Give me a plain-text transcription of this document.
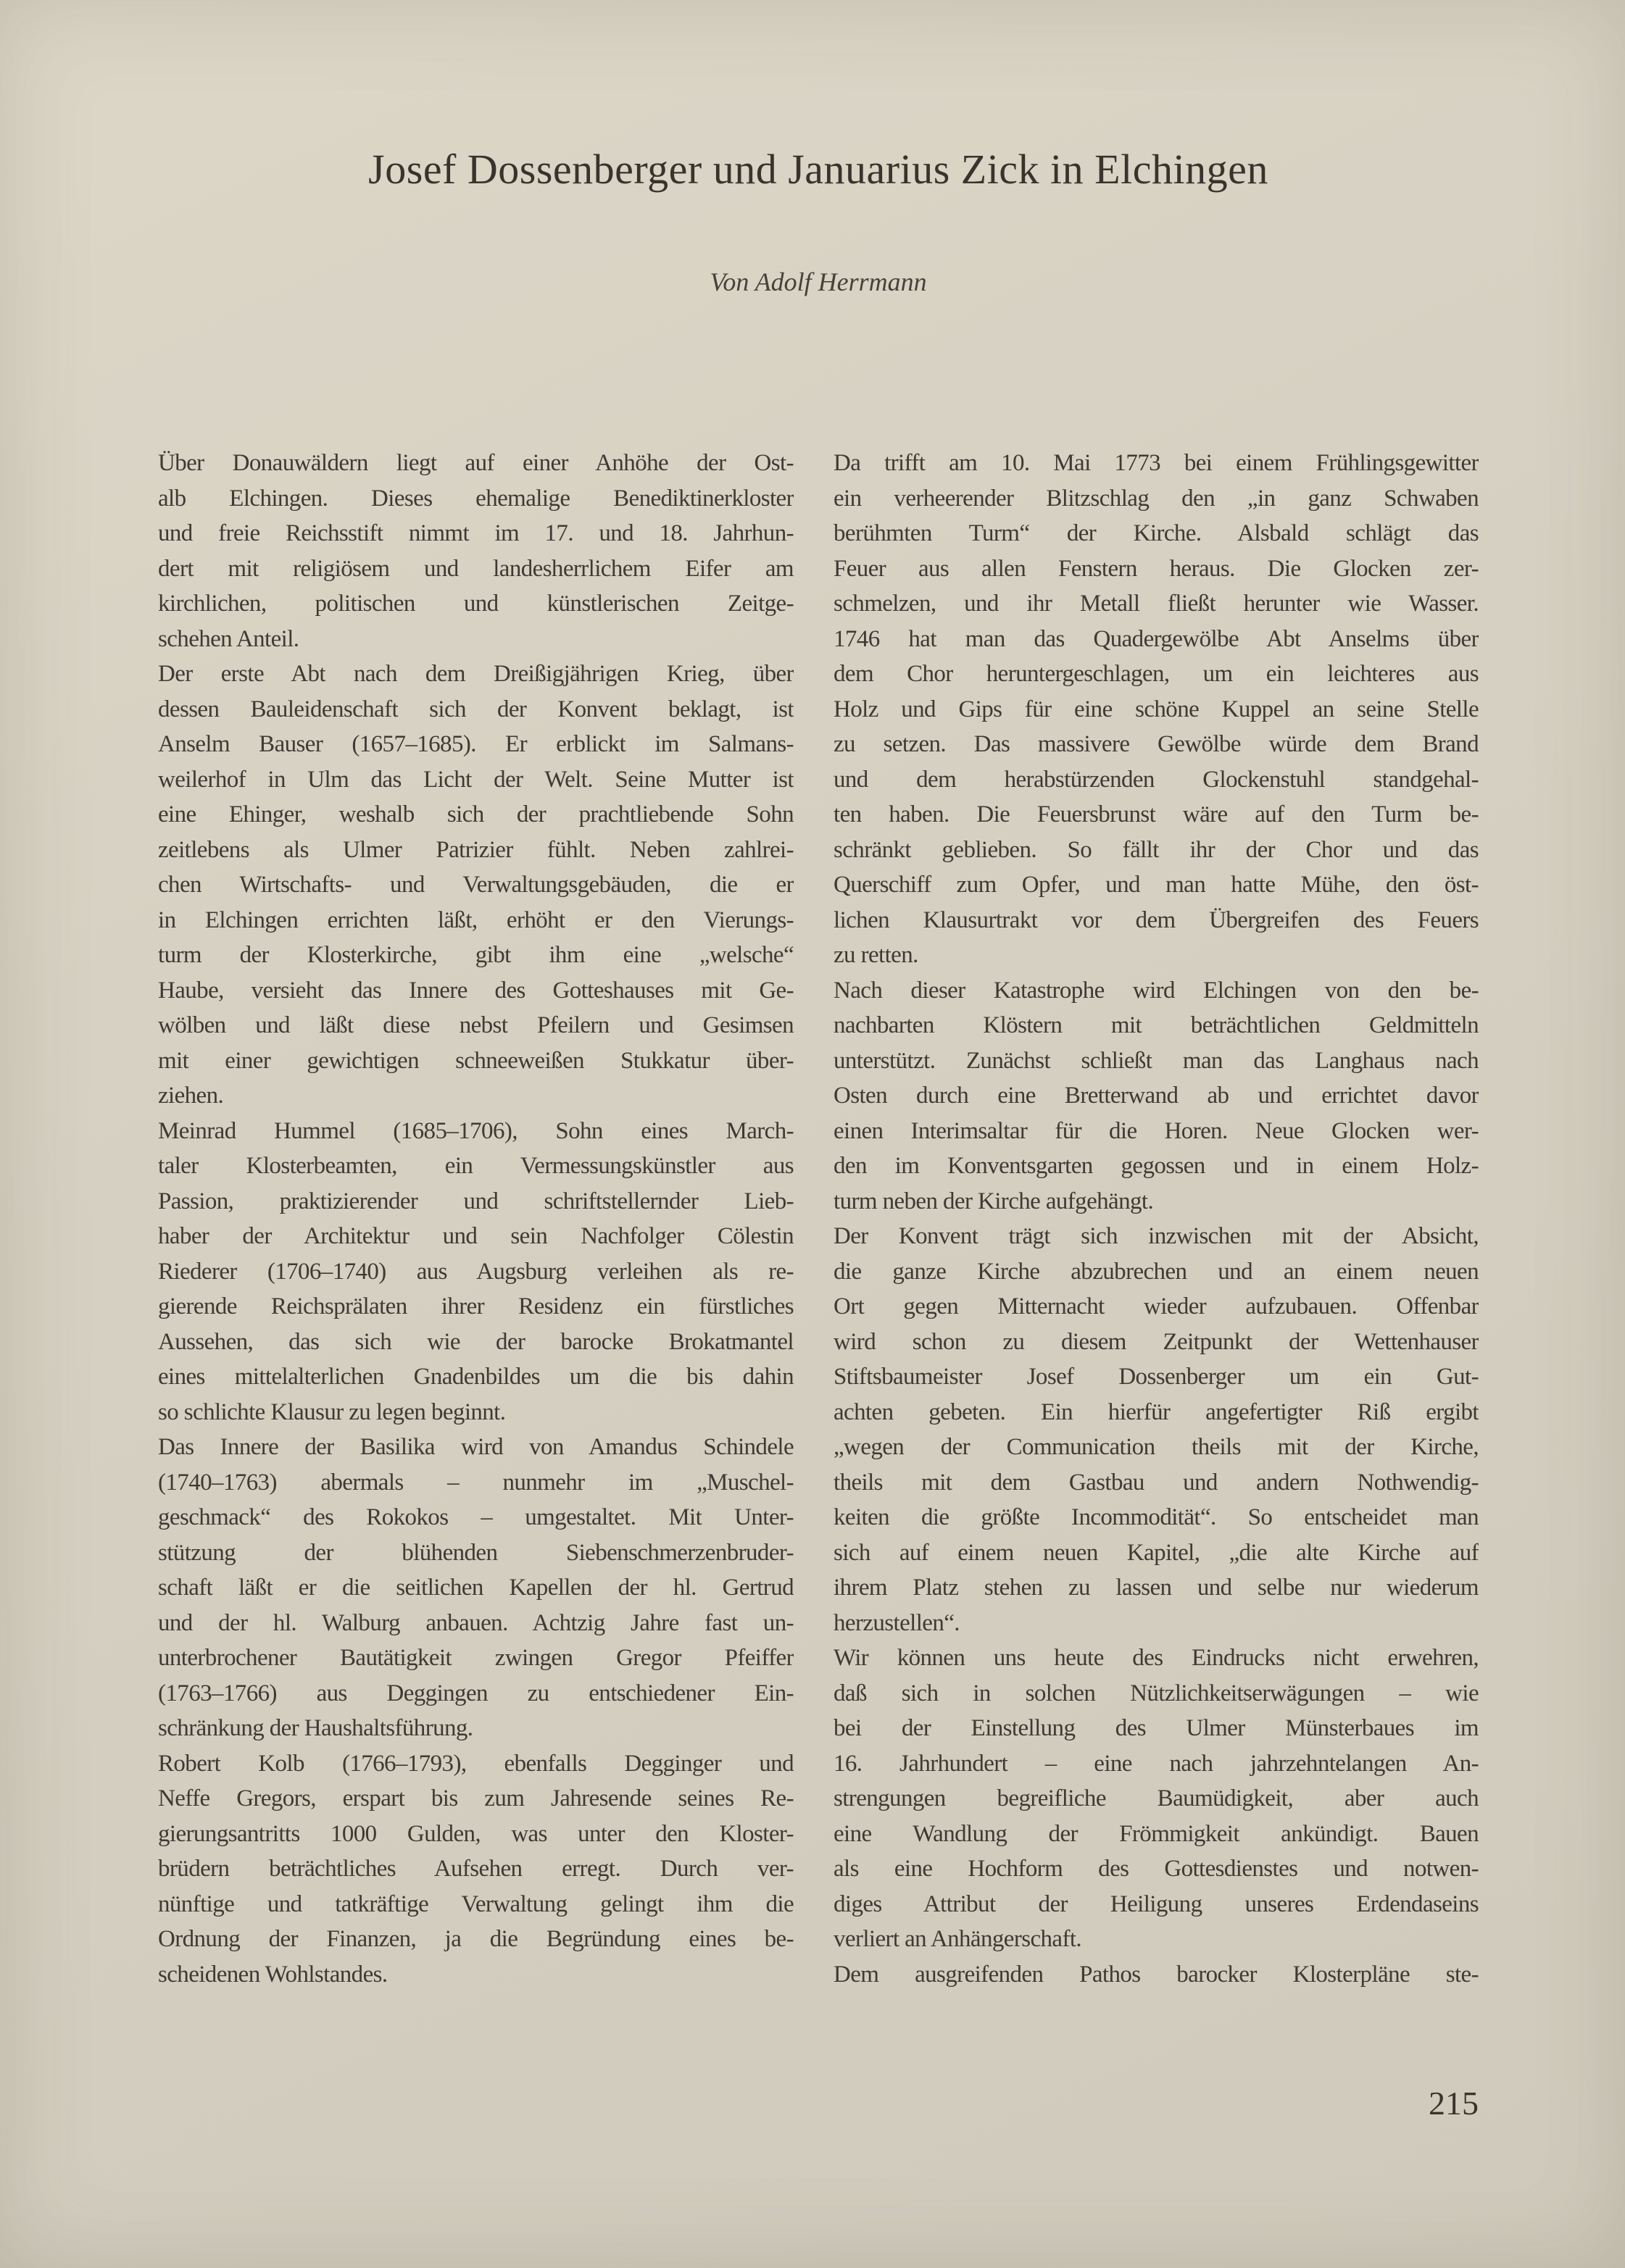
Josef Dossenberger und Januarius Zick in Elchingen
Von Adolf Herrmann
Über Donauwäldern liegt auf einer Anhöhe der Ost-
alb Elchingen. Dieses ehemalige Benediktinerkloster
und freie Reichsstift nimmt im 17. und 18. Jahrhun-
dert mit religiösem und landesherrlichem Eifer am
kirchlichen, politischen und künstlerischen Zeitge-
schehen Anteil.
Der erste Abt nach dem Dreißigjährigen Krieg, über
dessen Bauleidenschaft sich der Konvent beklagt, ist
Anselm Bauser (1657–1685). Er erblickt im Salmans-
weilerhof in Ulm das Licht der Welt. Seine Mutter ist
eine Ehinger, weshalb sich der prachtliebende Sohn
zeitlebens als Ulmer Patrizier fühlt. Neben zahlrei-
chen Wirtschafts- und Verwaltungsgebäuden, die er
in Elchingen errichten läßt, erhöht er den Vierungs-
turm der Klosterkirche, gibt ihm eine „welsche“
Haube, versieht das Innere des Gotteshauses mit Ge-
wölben und läßt diese nebst Pfeilern und Gesimsen
mit einer gewichtigen schneeweißen Stukkatur über-
ziehen.
Meinrad Hummel (1685–1706), Sohn eines March-
taler Klosterbeamten, ein Vermessungskünstler aus
Passion, praktizierender und schriftstellernder Lieb-
haber der Architektur und sein Nachfolger Cölestin
Riederer (1706–1740) aus Augsburg verleihen als re-
gierende Reichsprälaten ihrer Residenz ein fürstliches
Aussehen, das sich wie der barocke Brokatmantel
eines mittelalterlichen Gnadenbildes um die bis dahin
so schlichte Klausur zu legen beginnt.
Das Innere der Basilika wird von Amandus Schindele
(1740–1763) abermals – nunmehr im „Muschel-
geschmack“ des Rokokos – umgestaltet. Mit Unter-
stützung der blühenden Siebenschmerzenbruder-
schaft läßt er die seitlichen Kapellen der hl. Gertrud
und der hl. Walburg anbauen. Achtzig Jahre fast un-
unterbrochener Bautätigkeit zwingen Gregor Pfeiffer
(1763–1766) aus Deggingen zu entschiedener Ein-
schränkung der Haushaltsführung.
Robert Kolb (1766–1793), ebenfalls Degginger und
Neffe Gregors, erspart bis zum Jahresende seines Re-
gierungsantritts 1000 Gulden, was unter den Kloster-
brüdern beträchtliches Aufsehen erregt. Durch ver-
nünftige und tatkräftige Verwaltung gelingt ihm die
Ordnung der Finanzen, ja die Begründung eines be-
scheidenen Wohlstandes.
Da trifft am 10. Mai 1773 bei einem Frühlingsgewitter
ein verheerender Blitzschlag den „in ganz Schwaben
berühmten Turm“ der Kirche. Alsbald schlägt das
Feuer aus allen Fenstern heraus. Die Glocken zer-
schmelzen, und ihr Metall fließt herunter wie Wasser.
1746 hat man das Quadergewölbe Abt Anselms über
dem Chor heruntergeschlagen, um ein leichteres aus
Holz und Gips für eine schöne Kuppel an seine Stelle
zu setzen. Das massivere Gewölbe würde dem Brand
und dem herabstürzenden Glockenstuhl standgehal-
ten haben. Die Feuersbrunst wäre auf den Turm be-
schränkt geblieben. So fällt ihr der Chor und das
Querschiff zum Opfer, und man hatte Mühe, den öst-
lichen Klausurtrakt vor dem Übergreifen des Feuers
zu retten.
Nach dieser Katastrophe wird Elchingen von den be-
nachbarten Klöstern mit beträchtlichen Geldmitteln
unterstützt. Zunächst schließt man das Langhaus nach
Osten durch eine Bretterwand ab und errichtet davor
einen Interimsaltar für die Horen. Neue Glocken wer-
den im Konventsgarten gegossen und in einem Holz-
turm neben der Kirche aufgehängt.
Der Konvent trägt sich inzwischen mit der Absicht,
die ganze Kirche abzubrechen und an einem neuen
Ort gegen Mitternacht wieder aufzubauen. Offenbar
wird schon zu diesem Zeitpunkt der Wettenhauser
Stiftsbaumeister Josef Dossenberger um ein Gut-
achten gebeten. Ein hierfür angefertigter Riß ergibt
„wegen der Communication theils mit der Kirche,
theils mit dem Gastbau und andern Nothwendig-
keiten die größte Incommodität“. So entscheidet man
sich auf einem neuen Kapitel, „die alte Kirche auf
ihrem Platz stehen zu lassen und selbe nur wiederum
herzustellen“.
Wir können uns heute des Eindrucks nicht erwehren,
daß sich in solchen Nützlichkeitserwägungen – wie
bei der Einstellung des Ulmer Münsterbaues im
16. Jahrhundert – eine nach jahrzehntelangen An-
strengungen begreifliche Baumüdigkeit, aber auch
eine Wandlung der Frömmigkeit ankündigt. Bauen
als eine Hochform des Gottesdienstes und notwen-
diges Attribut der Heiligung unseres Erdendaseins
verliert an Anhängerschaft.
Dem ausgreifenden Pathos barocker Klosterpläne ste-
215
